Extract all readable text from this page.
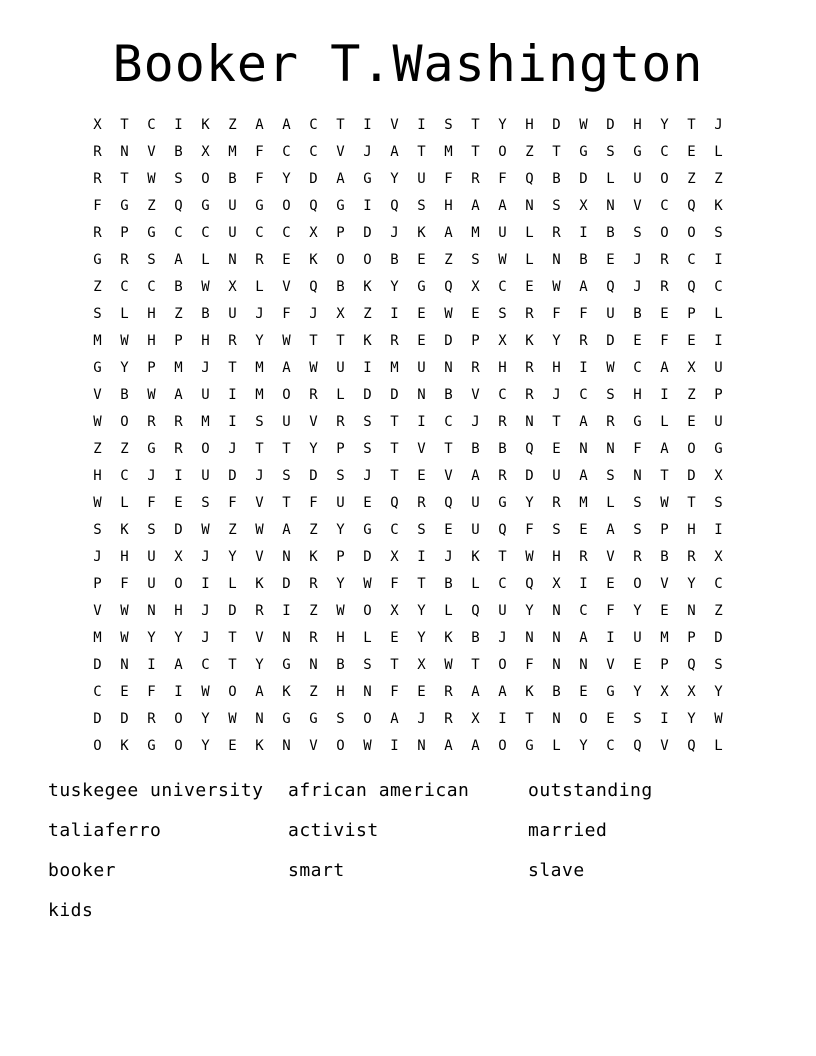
Booker T.Washington
X	T	C	I	K	Z	A	A	C	T	I	V	I	S	T	Y	H	D	W	D	H	Y	T	J
R	N	V	B	X	M	F	C	C	V	J	A	T	M	T	O	Z	T	G	S	G	C	E	L
R	T	W	S	O	B	F	Y	D	A	G	Y	U	F	R	F	Q	B	D	L	U	O	Z	Z
F	G	Z	Q	G	U	G	O	Q	G	I	Q	S	H	A	A	N	S	X	N	V	C	Q	K
R	P	G	C	C	U	C	C	X	P	D	J	K	A	M	U	L	R	I	B	S	O	O	S
G	R	S	A	L	N	R	E	K	O	O	B	E	Z	S	W	L	N	B	E	J	R	C	I
Z	C	C	B	W	X	L	V	Q	B	K	Y	G	Q	X	C	E	W	A	Q	J	R	Q	C
S	L	H	Z	B	U	J	F	J	X	Z	I	E	W	E	S	R	F	F	U	B	E	P	L
M	W	H	P	H	R	Y	W	T	T	K	R	E	D	P	X	K	Y	R	D	E	F	E	I
G	Y	P	M	J	T	M	A	W	U	I	M	U	N	R	H	R	H	I	W	C	A	X	U
V	B	W	A	U	I	M	O	R	L	D	D	N	B	V	C	R	J	C	S	H	I	Z	P
W	O	R	R	M	I	S	U	V	R	S	T	I	C	J	R	N	T	A	R	G	L	E	U
Z	Z	G	R	O	J	T	T	Y	P	S	T	V	T	B	B	Q	E	N	N	F	A	O	G
H	C	J	I	U	D	J	S	D	S	J	T	E	V	A	R	D	U	A	S	N	T	D	X
W	L	F	E	S	F	V	T	F	U	E	Q	R	Q	U	G	Y	R	M	L	S	W	T	S
S	K	S	D	W	Z	W	A	Z	Y	G	C	S	E	U	Q	F	S	E	A	S	P	H	I
J	H	U	X	J	Y	V	N	K	P	D	X	I	J	K	T	W	H	R	V	R	B	R	X
P	F	U	O	I	L	K	D	R	Y	W	F	T	B	L	C	Q	X	I	E	O	V	Y	C
V	W	N	H	J	D	R	I	Z	W	O	X	Y	L	Q	U	Y	N	C	F	Y	E	N	Z
M	W	Y	Y	J	T	V	N	R	H	L	E	Y	K	B	J	N	N	A	I	U	M	P	D
D	N	I	A	C	T	Y	G	N	B	S	T	X	W	T	O	F	N	N	V	E	P	Q	S
C	E	F	I	W	O	A	K	Z	H	N	F	E	R	A	A	K	B	E	G	Y	X	X	Y
D	D	R	O	Y	W	N	G	G	S	O	A	J	R	X	I	T	N	O	E	S	I	Y	W
O	K	G	O	Y	E	K	N	V	O	W	I	N	A	A	O	G	L	Y	C	Q	V	Q	L
tuskegee university	african american	outstanding
taliaferro	activist	married
booker	smart	slave
kids
